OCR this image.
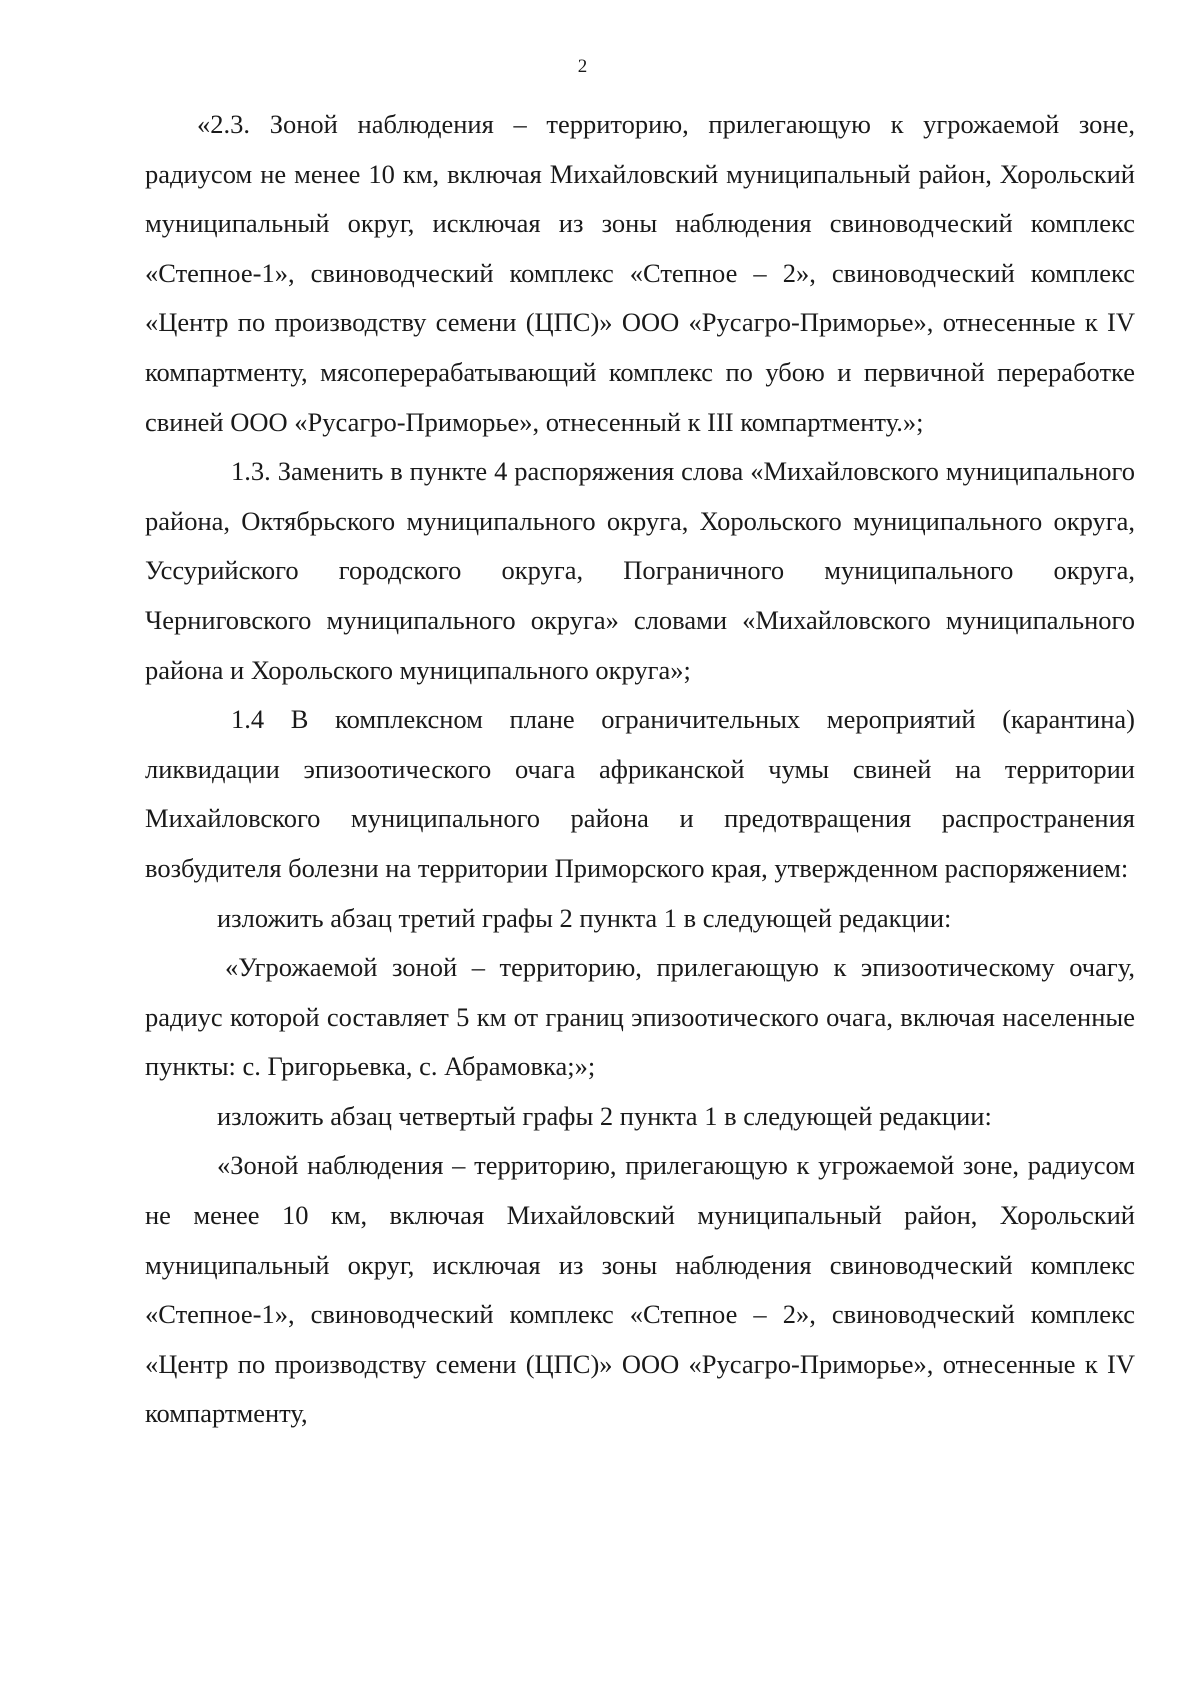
2

«2.3. Зоной наблюдения – территорию, прилегающую к угрожаемой зоне, радиусом не менее 10 км, включая Михайловский муниципальный район, Хорольский муниципальный округ, исключая из зоны наблюдения свиноводческий комплекс «Степное-1», свиноводческий комплекс «Степное – 2», свиноводческий комплекс «Центр по производству семени (ЦПС)» ООО «Русагро-Приморье», отнесенные к IV компартменту, мясоперерабатывающий комплекс по убою и первичной переработке свиней ООО «Русагро-Приморье», отнесенный к III компартменту.»;

1.3. Заменить в пункте 4 распоряжения слова «Михайловского муниципального района, Октябрьского муниципального округа, Хорольского муниципального округа, Уссурийского городского округа, Пограничного муниципального округа, Черниговского муниципального округа» словами «Михайловского муниципального района и Хорольского муниципального округа»;

1.4 В комплексном плане ограничительных мероприятий (карантина) ликвидации эпизоотического очага африканской чумы свиней на территории Михайловского муниципального района и предотвращения распространения возбудителя болезни на территории Приморского края, утвержденном распоряжением:

изложить абзац третий графы 2 пункта 1 в следующей редакции:

«Угрожаемой зоной – территорию, прилегающую к эпизоотическому очагу, радиус которой составляет 5 км от границ эпизоотического очага, включая населенные пункты: с. Григорьевка, с. Абрамовка;»;

изложить абзац четвертый графы 2 пункта 1 в следующей редакции:

«Зоной наблюдения – территорию, прилегающую к угрожаемой зоне, радиусом не менее 10 км, включая Михайловский муниципальный район, Хорольский муниципальный округ, исключая из зоны наблюдения свиноводческий комплекс «Степное-1», свиноводческий комплекс «Степное – 2», свиноводческий комплекс «Центр по производству семени (ЦПС)» ООО «Русагро-Приморье», отнесенные к IV компартменту,
